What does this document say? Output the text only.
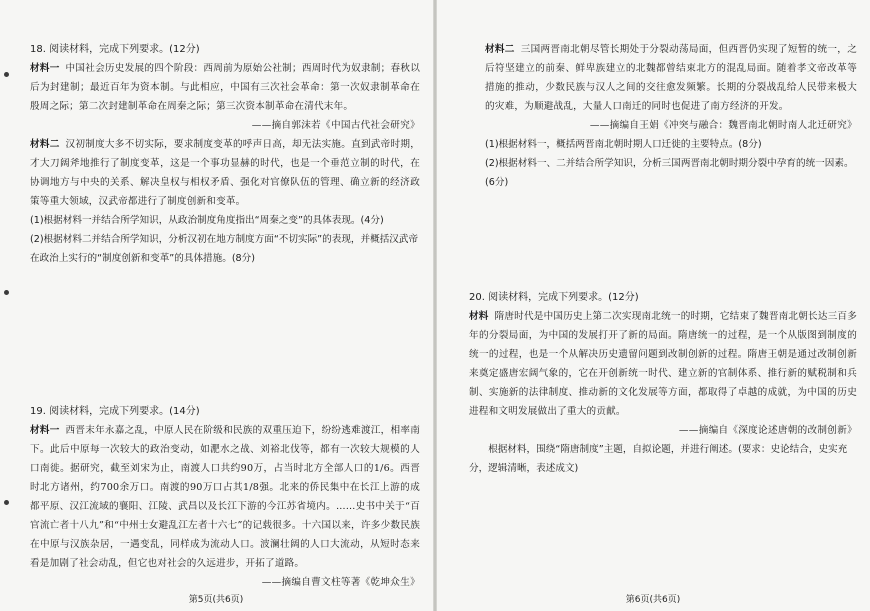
18. 阅读材料，完成下列要求。(12分)
材料一 中国社会历史发展的四个阶段：西周前为原始公社制；西周时代为奴隶制；春秋以后为封建制；最近百年为资本制。与此相应，中国有三次社会革命：第一次奴隶制革命在殷周之际；第二次封建制革命在周秦之际；第三次资本制革命在清代末年。
——摘自郭沫若《中国古代社会研究》
材料二 汉初制度大多不切实际，要求制度变革的呼声日高，却无法实施。直到武帝时期，才大刀阔斧地推行了制度变革，这是一个事功显赫的时代，也是一个垂范立制的时代，在协调地方与中央的关系、解决皇权与相权矛盾、强化对官僚队伍的管理、确立新的经济政策等重大领域，汉武帝都进行了制度创新和变革。
(1)根据材料一并结合所学知识，从政治制度角度指出“周秦之变”的具体表现。(4分)
(2)根据材料二并结合所学知识，分析汉初在地方制度方面“不切实际”的表现，并概括汉武帝在政治上实行的“制度创新和变革”的具体措施。(8分)
19. 阅读材料，完成下列要求。(14分)
材料一 西晋末年永嘉之乱，中原人民在阶级和民族的双重压迫下，纷纷逃难渡江，相率南下。此后中原每一次较大的政治变动，如淝水之战、刘裕北伐等，都有一次较大规模的人口南徙。据研究，截至刘宋为止，南渡人口共约90万，占当时北方全部人口的1/6。西晋时北方诸州，约700余万口。南渡的90万口占其1/8强。北来的侨民集中在长江上游的成都平原、汉江流域的襄阳、江陵、武昌以及长江下游的今江苏省境内。……史书中关于“百官流亡者十八九”和“中州士女避乱江左者十六七”的记载很多。十六国以来，许多少数民族在中原与汉族杂居，一遇变乱，同样成为流动人口。波澜壮阔的人口大流动，从短时态来看是加剧了社会动乱，但它也对社会的久远进步，开拓了道路。
——摘编自曹文柱等著《乾坤众生》
第5页(共6页)
材料二 三国两晋南北朝尽管长期处于分裂动荡局面，但西晋仍实现了短暂的统一，之后符坚建立的前秦、鲜卑族建立的北魏都曾结束北方的混乱局面。随着孝文帝改革等措施的推动，少数民族与汉人之间的交往愈发频繁。长期的分裂战乱给人民带来极大的灾难，为顺避战乱，大量人口南迁的同时也促进了南方经济的开发。
——摘编自王娟《冲突与融合：魏晋南北朝时南人北迁研究》
(1)根据材料一，概括两晋南北朝时期人口迁徙的主要特点。(8分)
(2)根据材料一、二并结合所学知识，分析三国两晋南北朝时期分裂中孕育的统一因素。(6分)
20. 阅读材料，完成下列要求。(12分)
材料 隋唐时代是中国历史上第二次实现南北统一的时期，它结束了魏晋南北朝长达三百多年的分裂局面，为中国的发展打开了新的局面。隋唐统一的过程，是一个从版图到制度的统一的过程，也是一个从解决历史遗留问题到改制创新的过程。隋唐王朝是通过改制创新来奠定盛唐宏阔气象的，它在开创新统一时代、建立新的官制体系、推行新的赋税制和兵制、实施新的法律制度、推动新的文化发展等方面，都取得了卓越的成就，为中国的历史进程和文明发展做出了重大的贡献。
——摘编自《深度论述唐朝的改制创新》
根据材料，围绕“隋唐制度”主题，自拟论题，并进行阐述。(要求：史论结合，史实充分，逻辑清晰，表述成文)
第6页(共6页)
